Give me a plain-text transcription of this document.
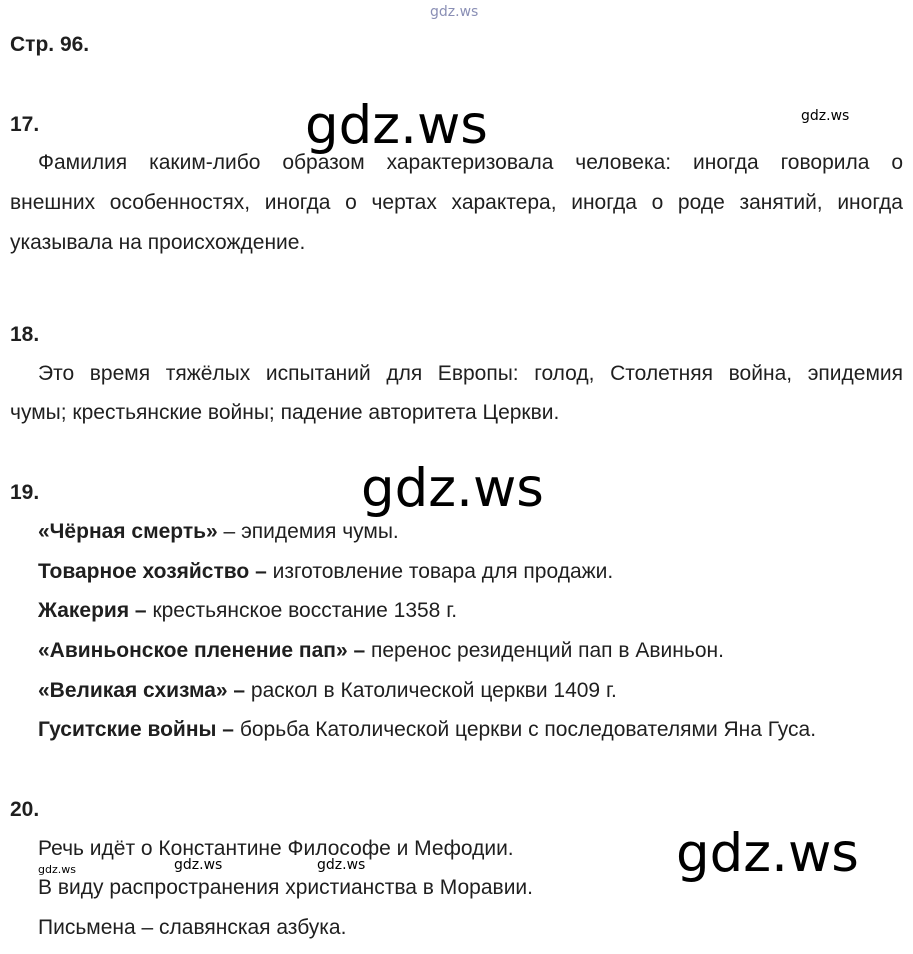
gdz.ws
Стр. 96.
17.	gdz.ws	gdz.ws
Фамилия каким-либо образом характеризовала человека: иногда говорила о
внешних особенностях, иногда о чертах характера, иногда о роде занятий, иногда
указывала на происхождение.
18.
Это время тяжёлых испытаний для Европы: голод, Столетняя война, эпидемия
чумы; крестьянские войны; падение авторитета Церкви.
19.	gdz.ws
«Чёрная смерть» – эпидемия чумы.
Товарное хозяйство – изготовление товара для продажи.
Жакерия – крестьянское восстание 1358 г.
«Авиньонское пленение пап» – перенос резиденций пап в Авиньон.
«Великая схизма» – раскол в Католической церкви 1409 г.
Гуситские войны – борьба Католической церкви с последователями Яна Гуса.
20.
Речь идёт о Константине Философе и Мефодии.	gdz.ws
gdz.ws	gdz.ws
gdz.ws
В виду распространения христианства в Моравии.
Письмена – славянская азбука.
